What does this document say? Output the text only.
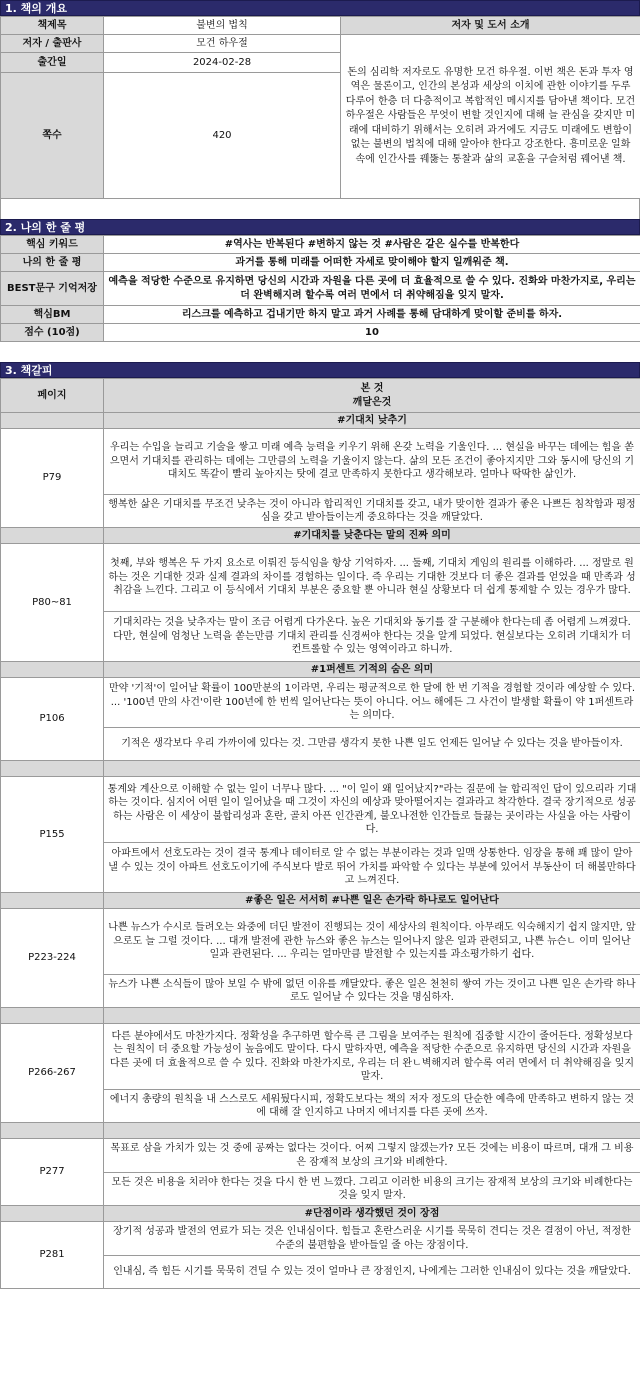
1. 책의 개요
책제목	불변의 법칙	저자 및 도서 소개
저자 / 출판사	모건 하우절	돈의 심리학 저자로도 유명한 모건 하우절. 이번 책은 돈과 투자 영역은 물론이고, 인간의 본성과 세상의 이치에 관한 이야기를 두루 다루어 한층 더 다층적이고 복합적인 메시지를 담아낸 책이다. 모건 하우절은 사람들은 무엇이 변할 것인지에 대해 늘 관심을 갖지만 미래에 대비하기 위해서는 오히려 과거에도 지금도 미래에도 변함이 없는 불변의 법칙에 대해 알아야 한다고 강조한다. 흥미로운 일화 속에 인간사를 꿰뚫는 통찰과 삶의 교훈을 구슬처럼 꿰어낸 책.
출간일	2024-02-28	
쪽수	420	
2. 나의 한 줄 평
핵심 키워드	#역사는 반복된다 #변하지 않는 것 #사람은 같은 실수를 반복한다
나의 한 줄 평	과거를 통해 미래를 어떠한 자세로 맞이해야 할지 일깨워준 책.
BEST문구 기억저장	예측을 적당한 수준으로 유지하면 당신의 시간과 자원을 다른 곳에 더 효율적으로 쓸 수 있다. 진화와 마찬가지로, 우리는 더 완벽해지려 할수록 여러 면에서 더 취약해짐을 잊지 말자.
핵심BM	리스크를 예측하고 겁내기만 하지 말고 과거 사례를 통해 담대하게 맞이할 준비를 하자.
점수 (10점)	10
3. 책갈피
페이지	본 것

깨달은것

	#기대치 낮추기
P79	우리는 수입을 늘리고 기술을 쌓고 미래 예측 능력을 키우기 위해 온갖 노력을 기울인다. ... 현실을 바꾸는 데에는 힘을 쏟으면서 기대치를 관리하는 데에는 그만큼의 노력을 기울이지 않는다. 삶의 모든 조건이 좋아지지만 그와 동시에 당신의 기대치도 똑같이 빨리 높아지는 탓에 결코 만족하지 못한다고 생각해보라. 얼마나 딱딱한 삶인가.
	행복한 삶은 기대치를 무조건 낮추는 것이 아니라 합리적인 기대치를 갖고, 내가 맞이한 결과가 좋은 나쁘든 침착함과 평정심을 갖고 받아들이는게 중요하다는 것을 깨달았다.
	#기대치를 낮춘다는 말의 진짜 의미
P80~81	첫째, 부와 행복은 두 가지 요소로 이뤄진 등식임을 항상 기억하자. ... 둘째, 기대치 게임의 원리를 이해하라. ... 정말로 원하는 것은 기대한 것과 실제 결과의 차이를 경험하는 일이다. 즉 우리는 기대한 것보다 더 좋은 결과를 얻었을 때 만족과 성취감을 느낀다. 그리고 이 등식에서 기대치 부분은 중요할 뿐 아니라 현실 상황보다 더 쉽게 통제할 수 있는 경우가 많다.
	기대치라는 것을 낮추자는 말이 조금 어렵게 다가온다. 높은 기대치와 동기를 잘 구분해야 한다는데 좀 어렵게 느껴졌다. 다만, 현실에 엄청난 노력을 쏟는만큼 기대치 관리를 신경써야 한다는 것을 알게 되었다. 현실보다는 오히려 기대치가 더 컨트롤할 수 있는 영역이라고 하니까.
	#1퍼센트 기적의 숨은 의미
P106	만약 '기적'이 일어날 확률이 100만분의 1이라면, 우리는 평균적으로 한 달에 한 번 기적을 경험할 것이라 예상할 수 있다. ... '100년 만의 사건'이란 100년에 한 번씩 일어난다는 뜻이 아니다. 어느 해에든 그 사건이 발생할 확률이 약 1퍼센트라는 의미다.
	기적은 생각보다 우리 가까이에 있다는 것. 그만큼 생각지 못한 나쁜 일도 언제든 일어날 수 있다는 것을 받아들이자.

P155	통계와 계산으로 이해할 수 없는 일이 너무나 많다. ... "이 일이 왜 일어났지?"라는 질문에 늘 합리적인 답이 있으리라 기대하는 것이다. 심지어 어떤 일이 일어났을 때 그것이 자신의 예상과 맞아떨어지는 결과라고 착각한다. 결국 장기적으로 성공하는 사람은 이 세상이 불합리성과 혼란, 골치 아픈 인간관계, 불오나전한 인간들로 들끓는 곳이라는 사실을 아는 사람이다.
	아파트에서 선호도라는 것이 결국 통계나 데이터로 알 수 없는 부분이라는 것과 일맥 상통한다. 임장을 통해 꽤 많이 알아낼 수 있는 것이 아파트 선호도이기에 주식보다 발로 뛰어 가치를 파악할 수 있다는 부분에 있어서 부동산이 더 해볼만하다고 느껴진다.
	#좋은 일은 서서히 #나쁜 일은 손가락 하나로도 일어난다
P223-224	나쁜 뉴스가 수시로 들려오는 와중에 더딘 발전이 진행되는 것이 세상사의 원칙이다. 아무래도 익숙해지기 쉽지 않지만, 앞으로도 늘 그럴 것이다. ... 대개 발전에 관한 뉴스와 좋은 뉴스는 일어나지 않은 일과 관련되고, 나쁜 뉴슨ㄴ 이미 일어난 일과 관련된다. ... 우리는 얼마만큼 발전할 수 있는지를 과소평가하기 쉽다.
	뉴스가 나쁜 소식들이 많아 보일 수 밖에 없던 이유를 깨달았다. 좋은 일은 천천히 쌓여 가는 것이고 나쁜 일은 손가락 하나로도 일어날 수 있다는 것을 명심하자.

P266-267	다른 분야에서도 마찬가지다. 정확성을 추구하면 할수록 큰 그림을 보여주는 원칙에 집중할 시간이 줄어든다. 정확성보다는 원칙이 더 중요할 가능성이 높음에도 말이다. 다시 말하자면, 예측을 적당한 수준으로 유지하면 당신의 시간과 자원을 다른 곳에 더 효율적으로 쓸 수 있다. 진화와 마찬가지로, 우리는 더 완ㄴ벽해지려 할수록 여러 면에서 더 취약해짐을 잊지 말자.
	에너지 총량의 원칙을 내 스스로도 세워뒀다시피, 정확도보다는 책의 저자 정도의 단순한 예측에 만족하고 변하지 않는 것에 대해 잘 인지하고 나머지 에너지를 다른 곳에 쓰자.

P277	목표로 삼을 가치가 있는 것 중에 공짜는 없다는 것이다. 어찌 그렇지 않겠는가? 모든 것에는 비용이 따르며, 대개 그 비용은 잠재적 보상의 크기와 비례한다.
	모든 것은 비용을 치러야 한다는 것을 다시 한 번 느꼈다. 그리고 이러한 비용의 크기는 잠재적 보상의 크기와 비례한다는 것을 잊지 말자.
	#단점이라 생각했던 것이 장점
P281	장기적 성공과 발전의 연료가 되는 것은 인내심이다. 힘들고 혼란스러운 시기를 묵묵히 견디는 것은 결점이 아닌, 적정한 수준의 불편함을 받아들일 줄 아는 장점이다.
	인내심, 즉 힘든 시기를 묵묵히 견딜 수 있는 것이 얼마나 큰 장점인지, 나에게는 그러한 인내심이 있다는 것을 깨달았다.
